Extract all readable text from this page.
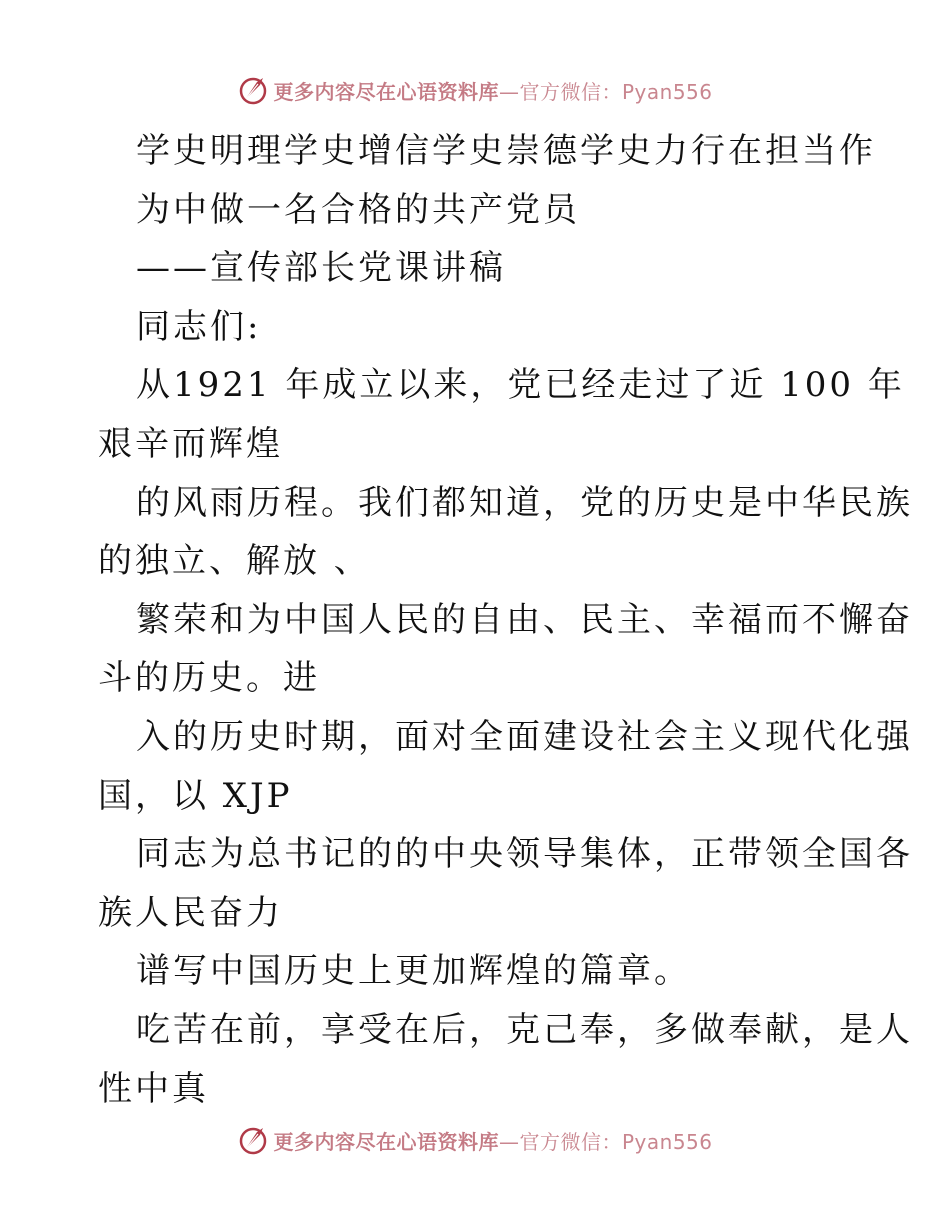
更多内容尽在心语资料库—官方微信：Pyan556
学史明理学史增信学史崇德学史力行在担当作
为中做一名合格的共产党员
——宣传部长党课讲稿
同志们:
从1921 年成立以来，党已经走过了近 100 年
艰辛而辉煌
的风雨历程。我们都知道，党的历史是中华民族
的独立、解放 、
繁荣和为中国人民的自由、民主、幸福而不懈奋
斗的历史。进
入的历史时期，面对全面建设社会主义现代化强
国，以 XJP
同志为总书记的的中央领导集体，正带领全国各
族人民奋力
谱写中国历史上更加辉煌的篇章。
吃苦在前，享受在后，克己奉，多做奉献，是人
性中真
更多内容尽在心语资料库—官方微信：Pyan556
